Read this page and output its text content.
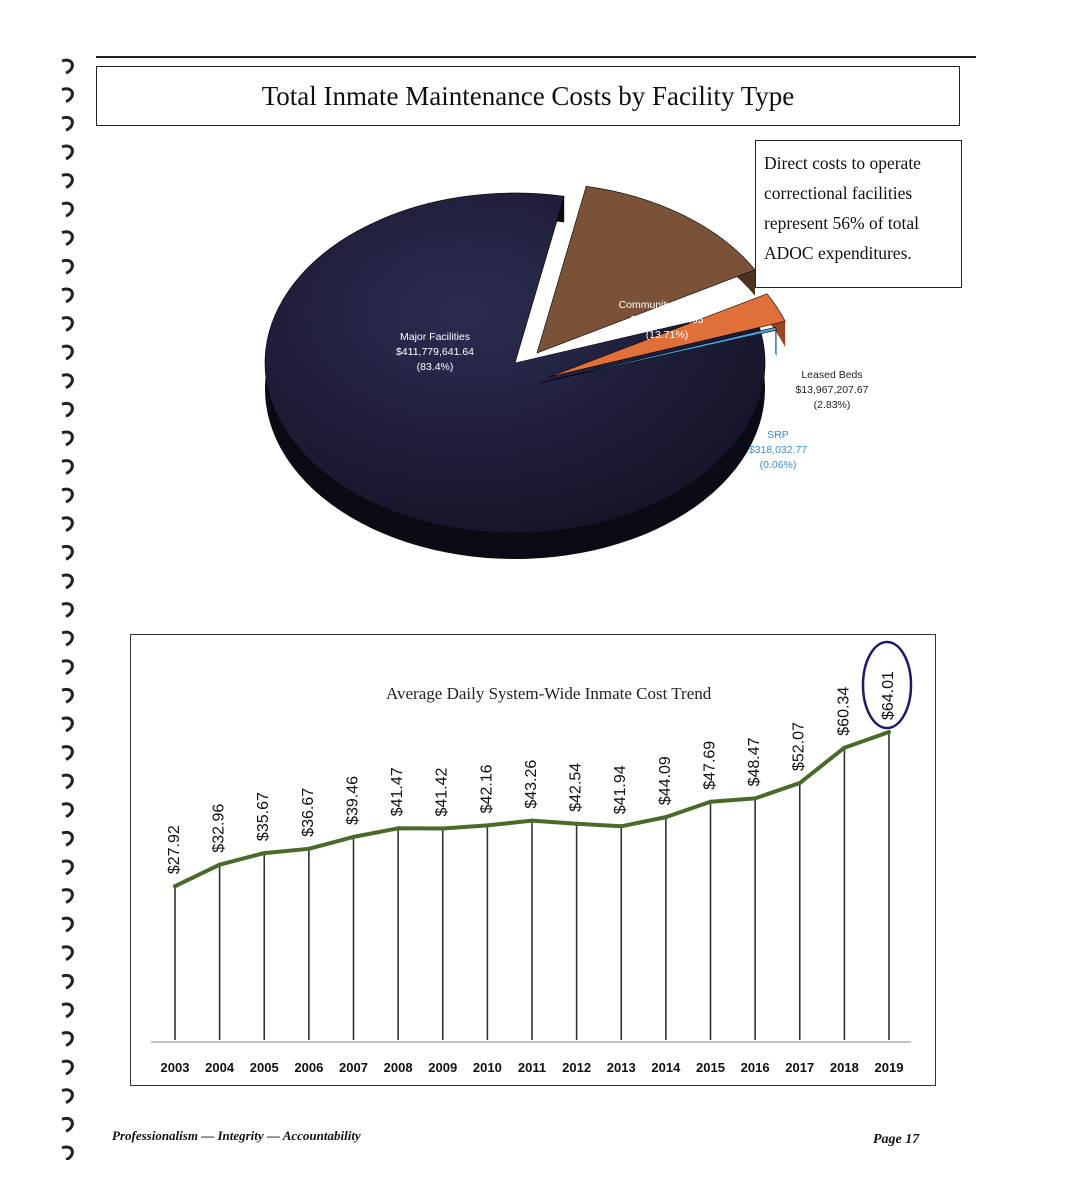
Total Inmate Maintenance Costs by Facility Type
Major Facilities
$411,779,641.64
(83.4%)
Community Facilities
$67,673,027.05
(13.71%)
Leased Beds
$13,967,207.67
(2.83%)
SRP
$318,032.77
(0.06%)
Direct costs to operate correctional facilities represent 56% of total ADOC expenditures.
Average Daily System-Wide Inmate Cost Trend
$27.92 $32.96 $35.67 $36.67 $39.46 $41.47 $41.42 $42.16 $43.26 $42.54 $41.94 $44.09 $47.69 $48.47 $52.07
$60.34 $64.01
2003 2004 2005 2006 2007 2008 2009 2010 2011 2012 2013 2014 2015 2016 2017 2018 2019
Professionalism — Integrity — Accountability	Page 17
